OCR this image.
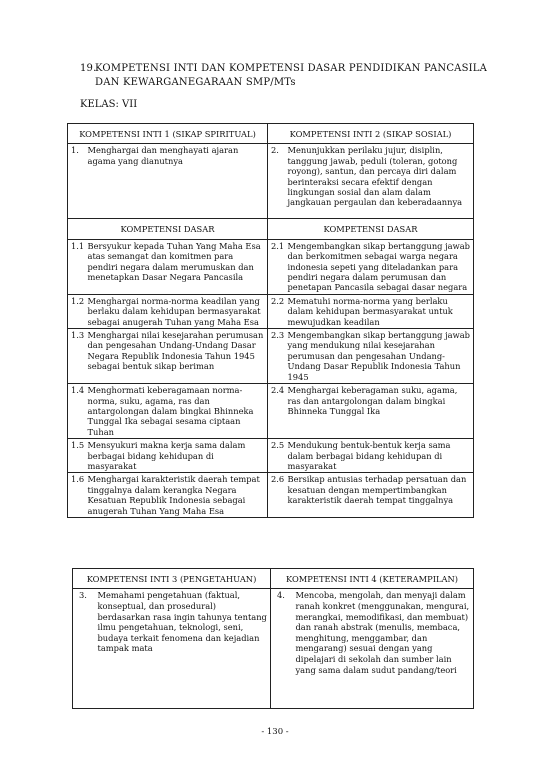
19.
KOMPETENSI INTI DAN KOMPETENSI DASAR PENDIDIKAN PANCASILA
DAN KEWARGANEGARAAN SMP/MTs
KELAS: VII
KOMPETENSI INTI 1 (SIKAP SPIRITUAL)		KOMPETENSI INTI 2 (SIKAP SOSIAL)	
1.	Menghargai dan menghayati ajaran agama yang dianutnya	2.	Menunjukkan perilaku jujur, disiplin, tanggung jawab, peduli (toleran, gotong royong), santun, dan percaya diri dalam berinteraksi secara efektif dengan lingkungan sosial dan alam dalam jangkauan pergaulan dan keberadaannya
KOMPETENSI DASAR		KOMPETENSI DASAR	
1.1	Bersyukur kepada Tuhan Yang Maha Esa atas semangat dan komitmen para pendiri negara dalam merumuskan dan menetapkan Dasar Negara Pancasila	2.1	Mengembangkan sikap bertanggung jawab dan berkomitmen sebagai warga negara indonesia sepeti yang diteladankan para pendiri negara dalam perumusan dan penetapan Pancasila sebagai dasar negara
1.2	Menghargai norma-norma keadilan yang berlaku dalam kehidupan bermasyarakat sebagai anugerah Tuhan yang Maha Esa	2.2	Mematuhi norma-norma yang berlaku dalam kehidupan bermasyarakat untuk mewujudkan keadilan
1.3	Menghargai nilai kesejarahan perumusan dan pengesahan Undang-Undang Dasar Negara Republik Indonesia Tahun 1945 sebagai bentuk sikap beriman	2.3	Mengembangkan sikap bertanggung jawab yang mendukung nilai kesejarahan perumusan dan pengesahan Undang-Undang Dasar Republik Indonesia Tahun 1945
1.4	Menghormati keberagamaan norma-norma, suku, agama, ras dan antargolongan dalam bingkai Bhinneka Tunggal Ika sebagai sesama ciptaan Tuhan	2.4	Menghargai keberagaman suku, agama, ras dan antargolongan dalam bingkai Bhinneka Tunggal Ika
1.5	Mensyukuri makna kerja sama dalam berbagai bidang kehidupan di masyarakat	2.5	Mendukung bentuk-bentuk kerja sama dalam berbagai bidang kehidupan di masyarakat
1.6	Menghargai karakteristik daerah tempat tinggalnya dalam kerangka Negara Kesatuan Republik Indonesia sebagai anugerah Tuhan Yang Maha Esa	2.6	Bersikap antusias terhadap persatuan dan kesatuan dengan mempertimbangkan karakteristik daerah tempat tinggalnya
KOMPETENSI INTI 3 (PENGETAHUAN)		KOMPETENSI INTI 4 (KETERAMPILAN)	
3.	Memahami pengetahuan (faktual, konseptual, dan prosedural) berdasarkan rasa ingin tahunya tentang ilmu pengetahuan, teknologi, seni, budaya terkait fenomena dan kejadian tampak mata	4.	Mencoba, mengolah, dan menyaji dalam ranah konkret (menggunakan, mengurai, merangkai, memodifikasi, dan membuat) dan ranah abstrak (menulis, membaca, menghitung, menggambar, dan mengarang) sesuai dengan yang dipelajari di sekolah dan sumber lain yang sama dalam sudut pandang/teori
- 130 -
